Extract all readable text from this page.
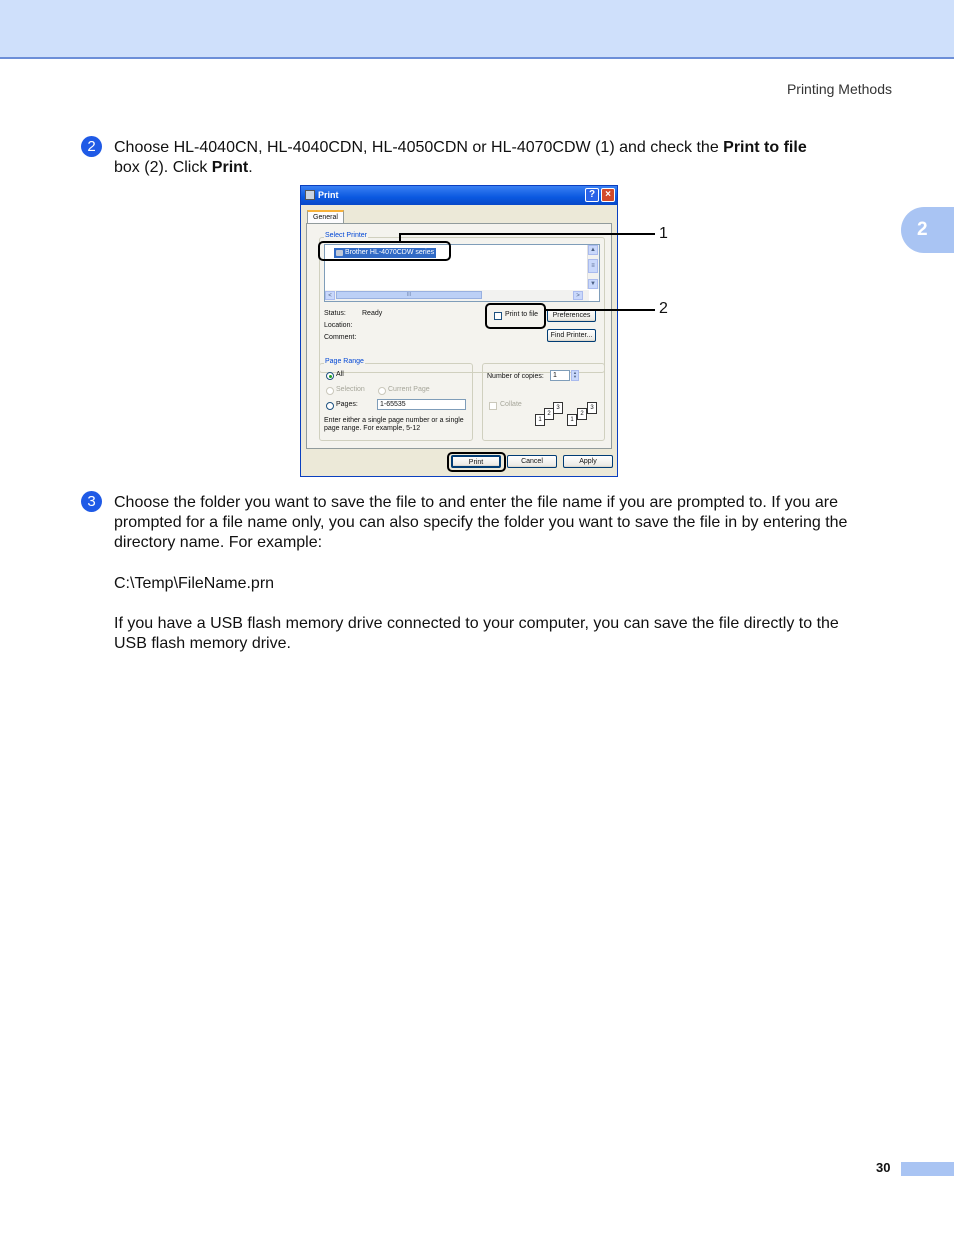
Printing Methods
2
2	Choose HL-4040CN, HL-4040CDN, HL-4050CDN or HL-4070CDW (1) and check the Print to file
box (2). Click Print.
Print	?	×
General
Select Printer
Brother HL-4070CDW series	▲
≡
▼
<	III	>
Status: Ready
Location:
Comment:
Print to file	Preferences
Find Printer...
Page Range
All
Selection	Current Page
Pages:	1-65535
Enter either a single page number or a single
page range. For example, 5-12
Number of copies:	1	▲
▼
Collate
1
2
3
1
2
3
Print	Cancel	Apply
1
2
3	Choose the folder you want to save the file to and enter the file name if you are prompted to. If you are
prompted for a file name only, you can also specify the folder you want to save the file in by entering the
directory name. For example:
C:\Temp\FileName.prn
If you have a USB flash memory drive connected to your computer, you can save the file directly to the
USB flash memory drive.
30
